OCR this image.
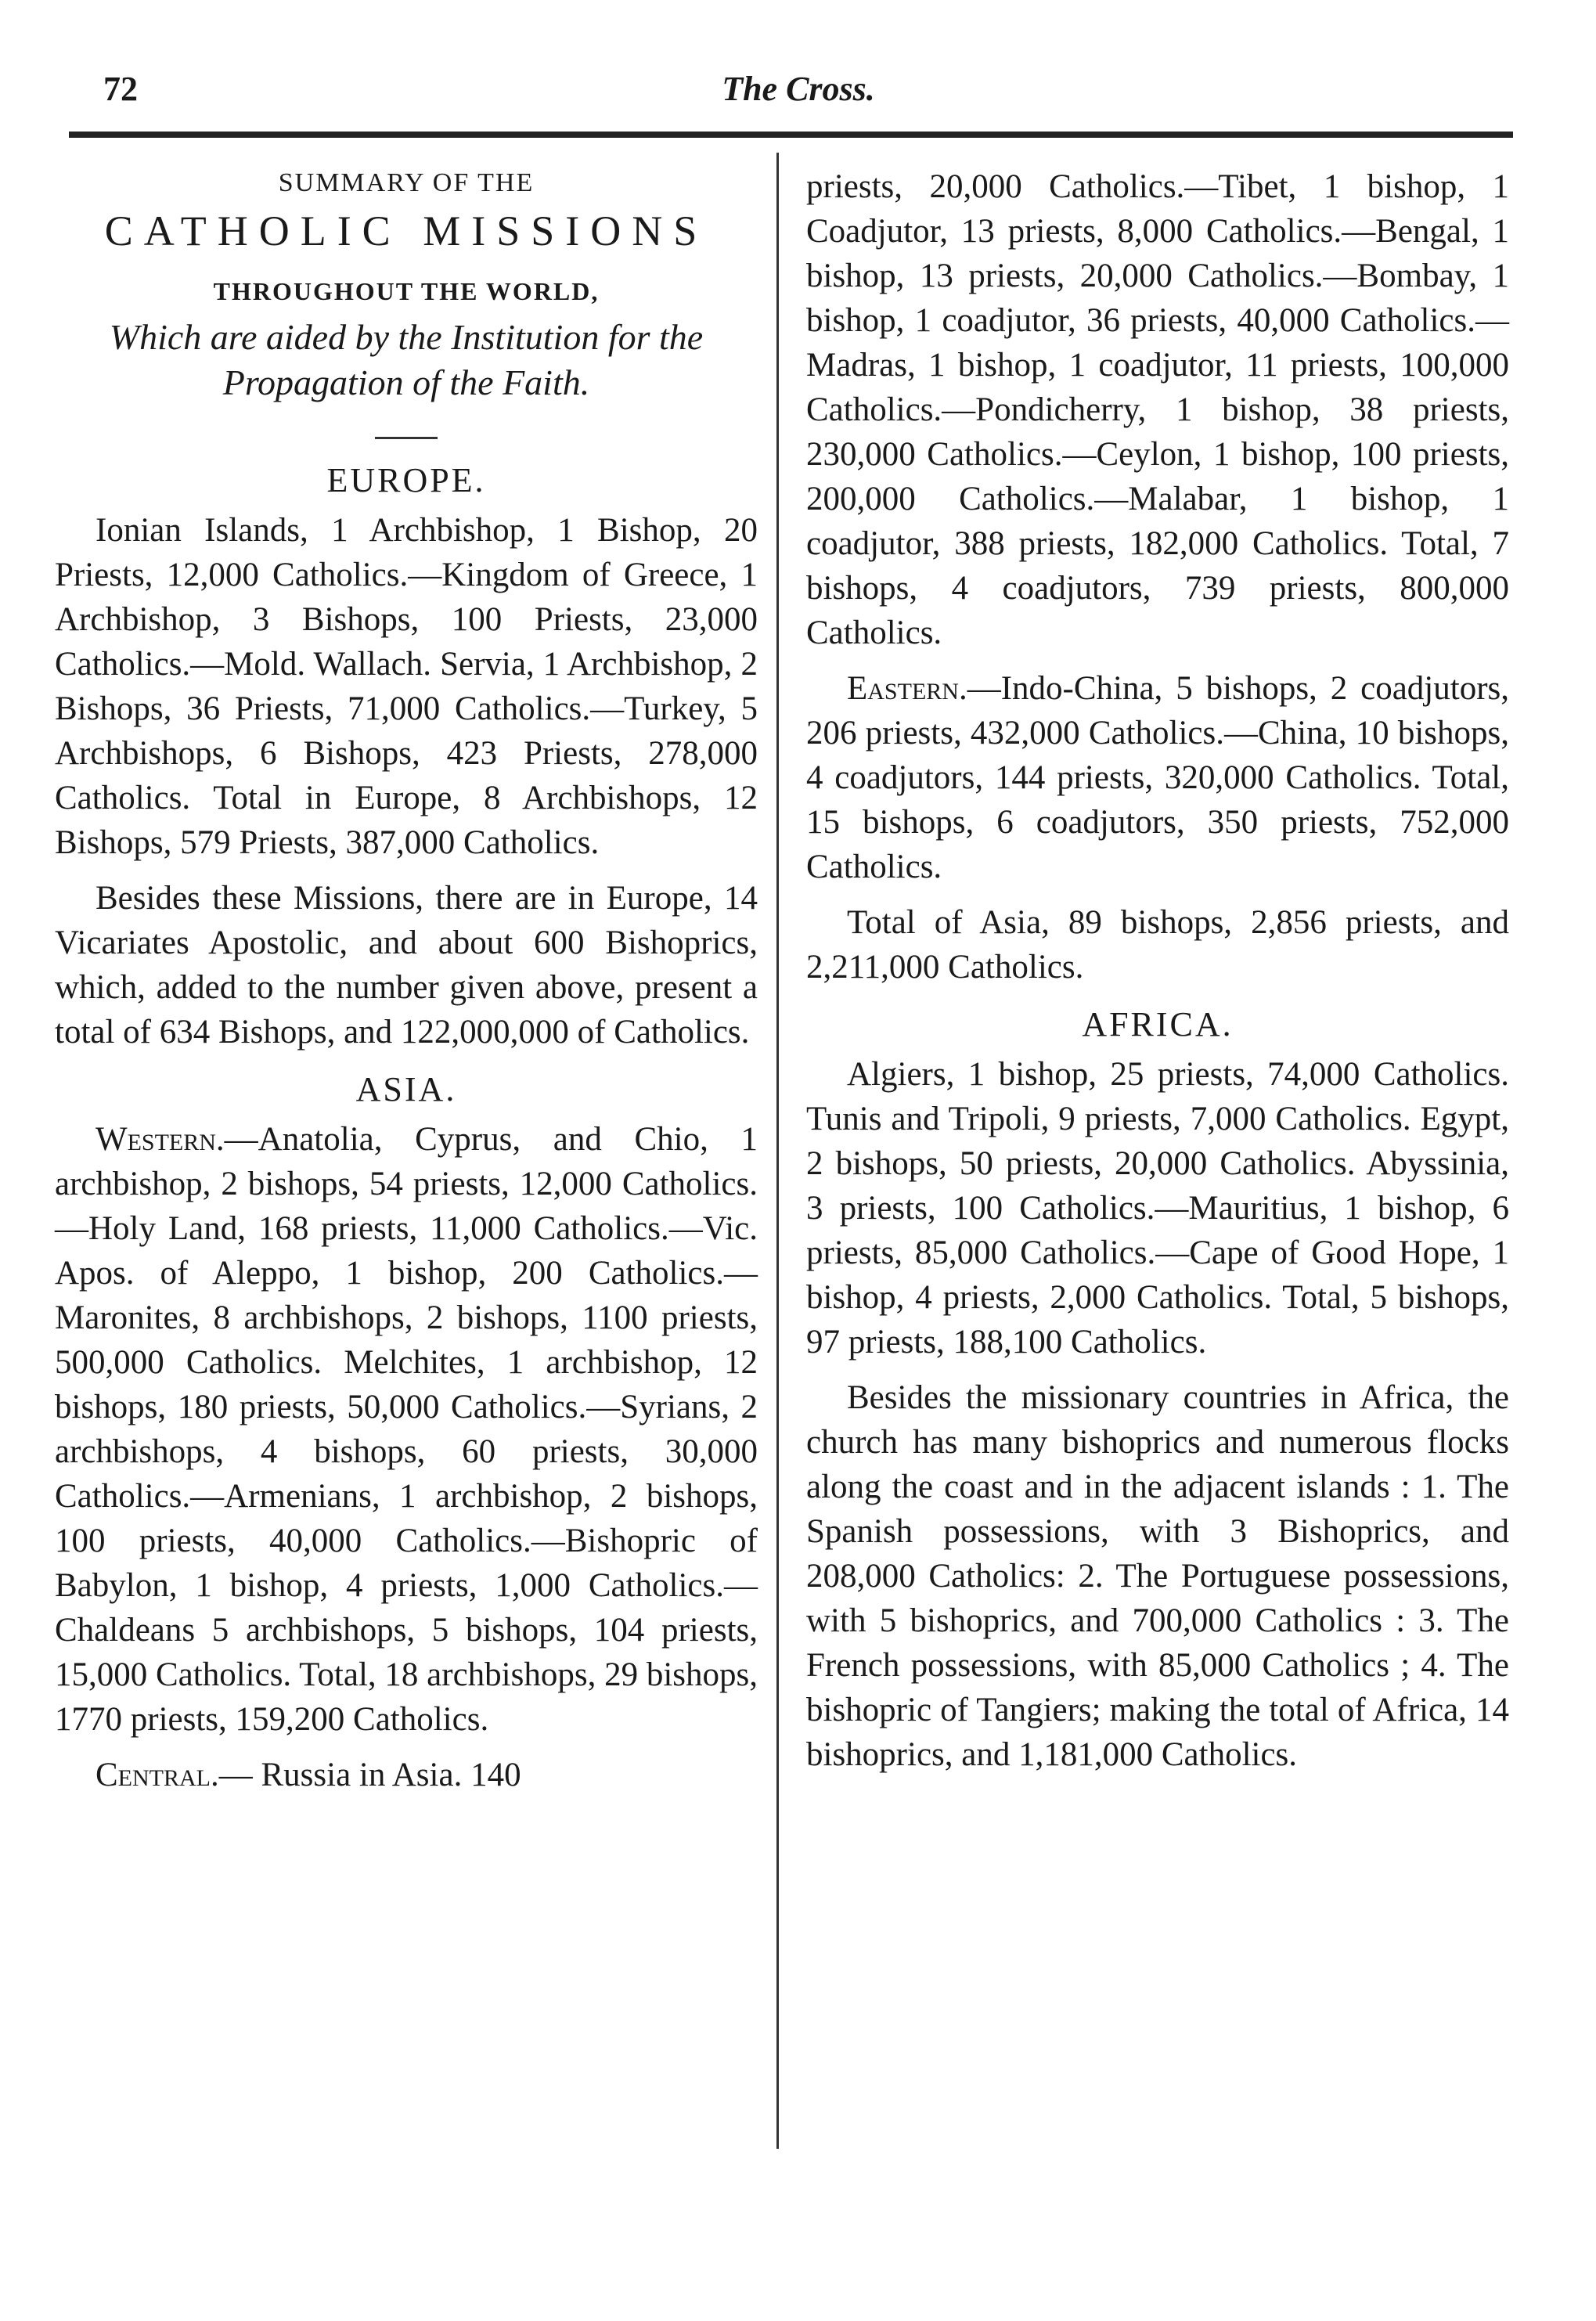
72	The Cross.
SUMMARY OF THE
CATHOLIC MISSIONS
THROUGHOUT THE WORLD,
Which are aided by the Institution for the Propagation of the Faith.
EUROPE.

Ionian Islands, 1 Archbishop, 1 Bishop, 20 Priests, 12,000 Catholics.—Kingdom of Greece, 1 Archbishop, 3 Bishops, 100 Priests, 23,000 Catholics.—Mold. Wallach. Servia, 1 Archbishop, 2 Bishops, 36 Priests, 71,000 Catholics.—Turkey, 5 Archbishops, 6 Bishops, 423 Priests, 278,000 Catholics. Total in Europe, 8 Archbishops, 12 Bishops, 579 Priests, 387,000 Catholics.

Besides these Missions, there are in Europe, 14 Vicariates Apostolic, and about 600 Bishoprics, which, added to the number given above, present a total of 634 Bishops, and 122,000,000 of Catholics.

ASIA.

Western.—Anatolia, Cyprus, and Chio, 1 archbishop, 2 bishops, 54 priests, 12,000 Catholics.—Holy Land, 168 priests, 11,000 Catholics.—Vic. Apos. of Aleppo, 1 bishop, 200 Catholics.—Maronites, 8 archbishops, 2 bishops, 1100 priests, 500,000 Catholics. Melchites, 1 archbishop, 12 bishops, 180 priests, 50,000 Catholics.—Syrians, 2 archbishops, 4 bishops, 60 priests, 30,000 Catholics.—Armenians, 1 archbishop, 2 bishops, 100 priests, 40,000 Catholics.—Bishopric of Babylon, 1 bishop, 4 priests, 1,000 Catholics.—Chaldeans 5 archbishops, 5 bishops, 104 priests, 15,000 Catholics. Total, 18 archbishops, 29 bishops, 1770 priests, 159,200 Catholics.

Central.— Russia in Asia. 140

priests, 20,000 Catholics.—Tibet, 1 bishop, 1 Coadjutor, 13 priests, 8,000 Catholics.—Bengal, 1 bishop, 13 priests, 20,000 Catholics.—Bombay, 1 bishop, 1 coadjutor, 36 priests, 40,000 Catholics.—Madras, 1 bishop, 1 coadjutor, 11 priests, 100,000 Catholics.—Pondicherry, 1 bishop, 38 priests, 230,000 Catholics.—Ceylon, 1 bishop, 100 priests, 200,000 Catholics.—Malabar, 1 bishop, 1 coadjutor, 388 priests, 182,000 Catholics. Total, 7 bishops, 4 coadjutors, 739 priests, 800,000 Catholics.

Eastern.—Indo-China, 5 bishops, 2 coadjutors, 206 priests, 432,000 Catholics.—China, 10 bishops, 4 coadjutors, 144 priests, 320,000 Catholics. Total, 15 bishops, 6 coadjutors, 350 priests, 752,000 Catholics.

Total of Asia, 89 bishops, 2,856 priests, and 2,211,000 Catholics.

AFRICA.

Algiers, 1 bishop, 25 priests, 74,000 Catholics. Tunis and Tripoli, 9 priests, 7,000 Catholics. Egypt, 2 bishops, 50 priests, 20,000 Catholics. Abyssinia, 3 priests, 100 Catholics.—Mauritius, 1 bishop, 6 priests, 85,000 Catholics.—Cape of Good Hope, 1 bishop, 4 priests, 2,000 Catholics. Total, 5 bishops, 97 priests, 188,100 Catholics.

Besides the missionary countries in Africa, the church has many bishoprics and numerous flocks along the coast and in the adjacent islands : 1. The Spanish possessions, with 3 Bishoprics, and 208,000 Catholics: 2. The Portuguese possessions, with 5 bishoprics, and 700,000 Catholics : 3. The French possessions, with 85,000 Catholics ; 4. The bishopric of Tangiers; making the total of Africa, 14 bishoprics, and 1,181,000 Catholics.
